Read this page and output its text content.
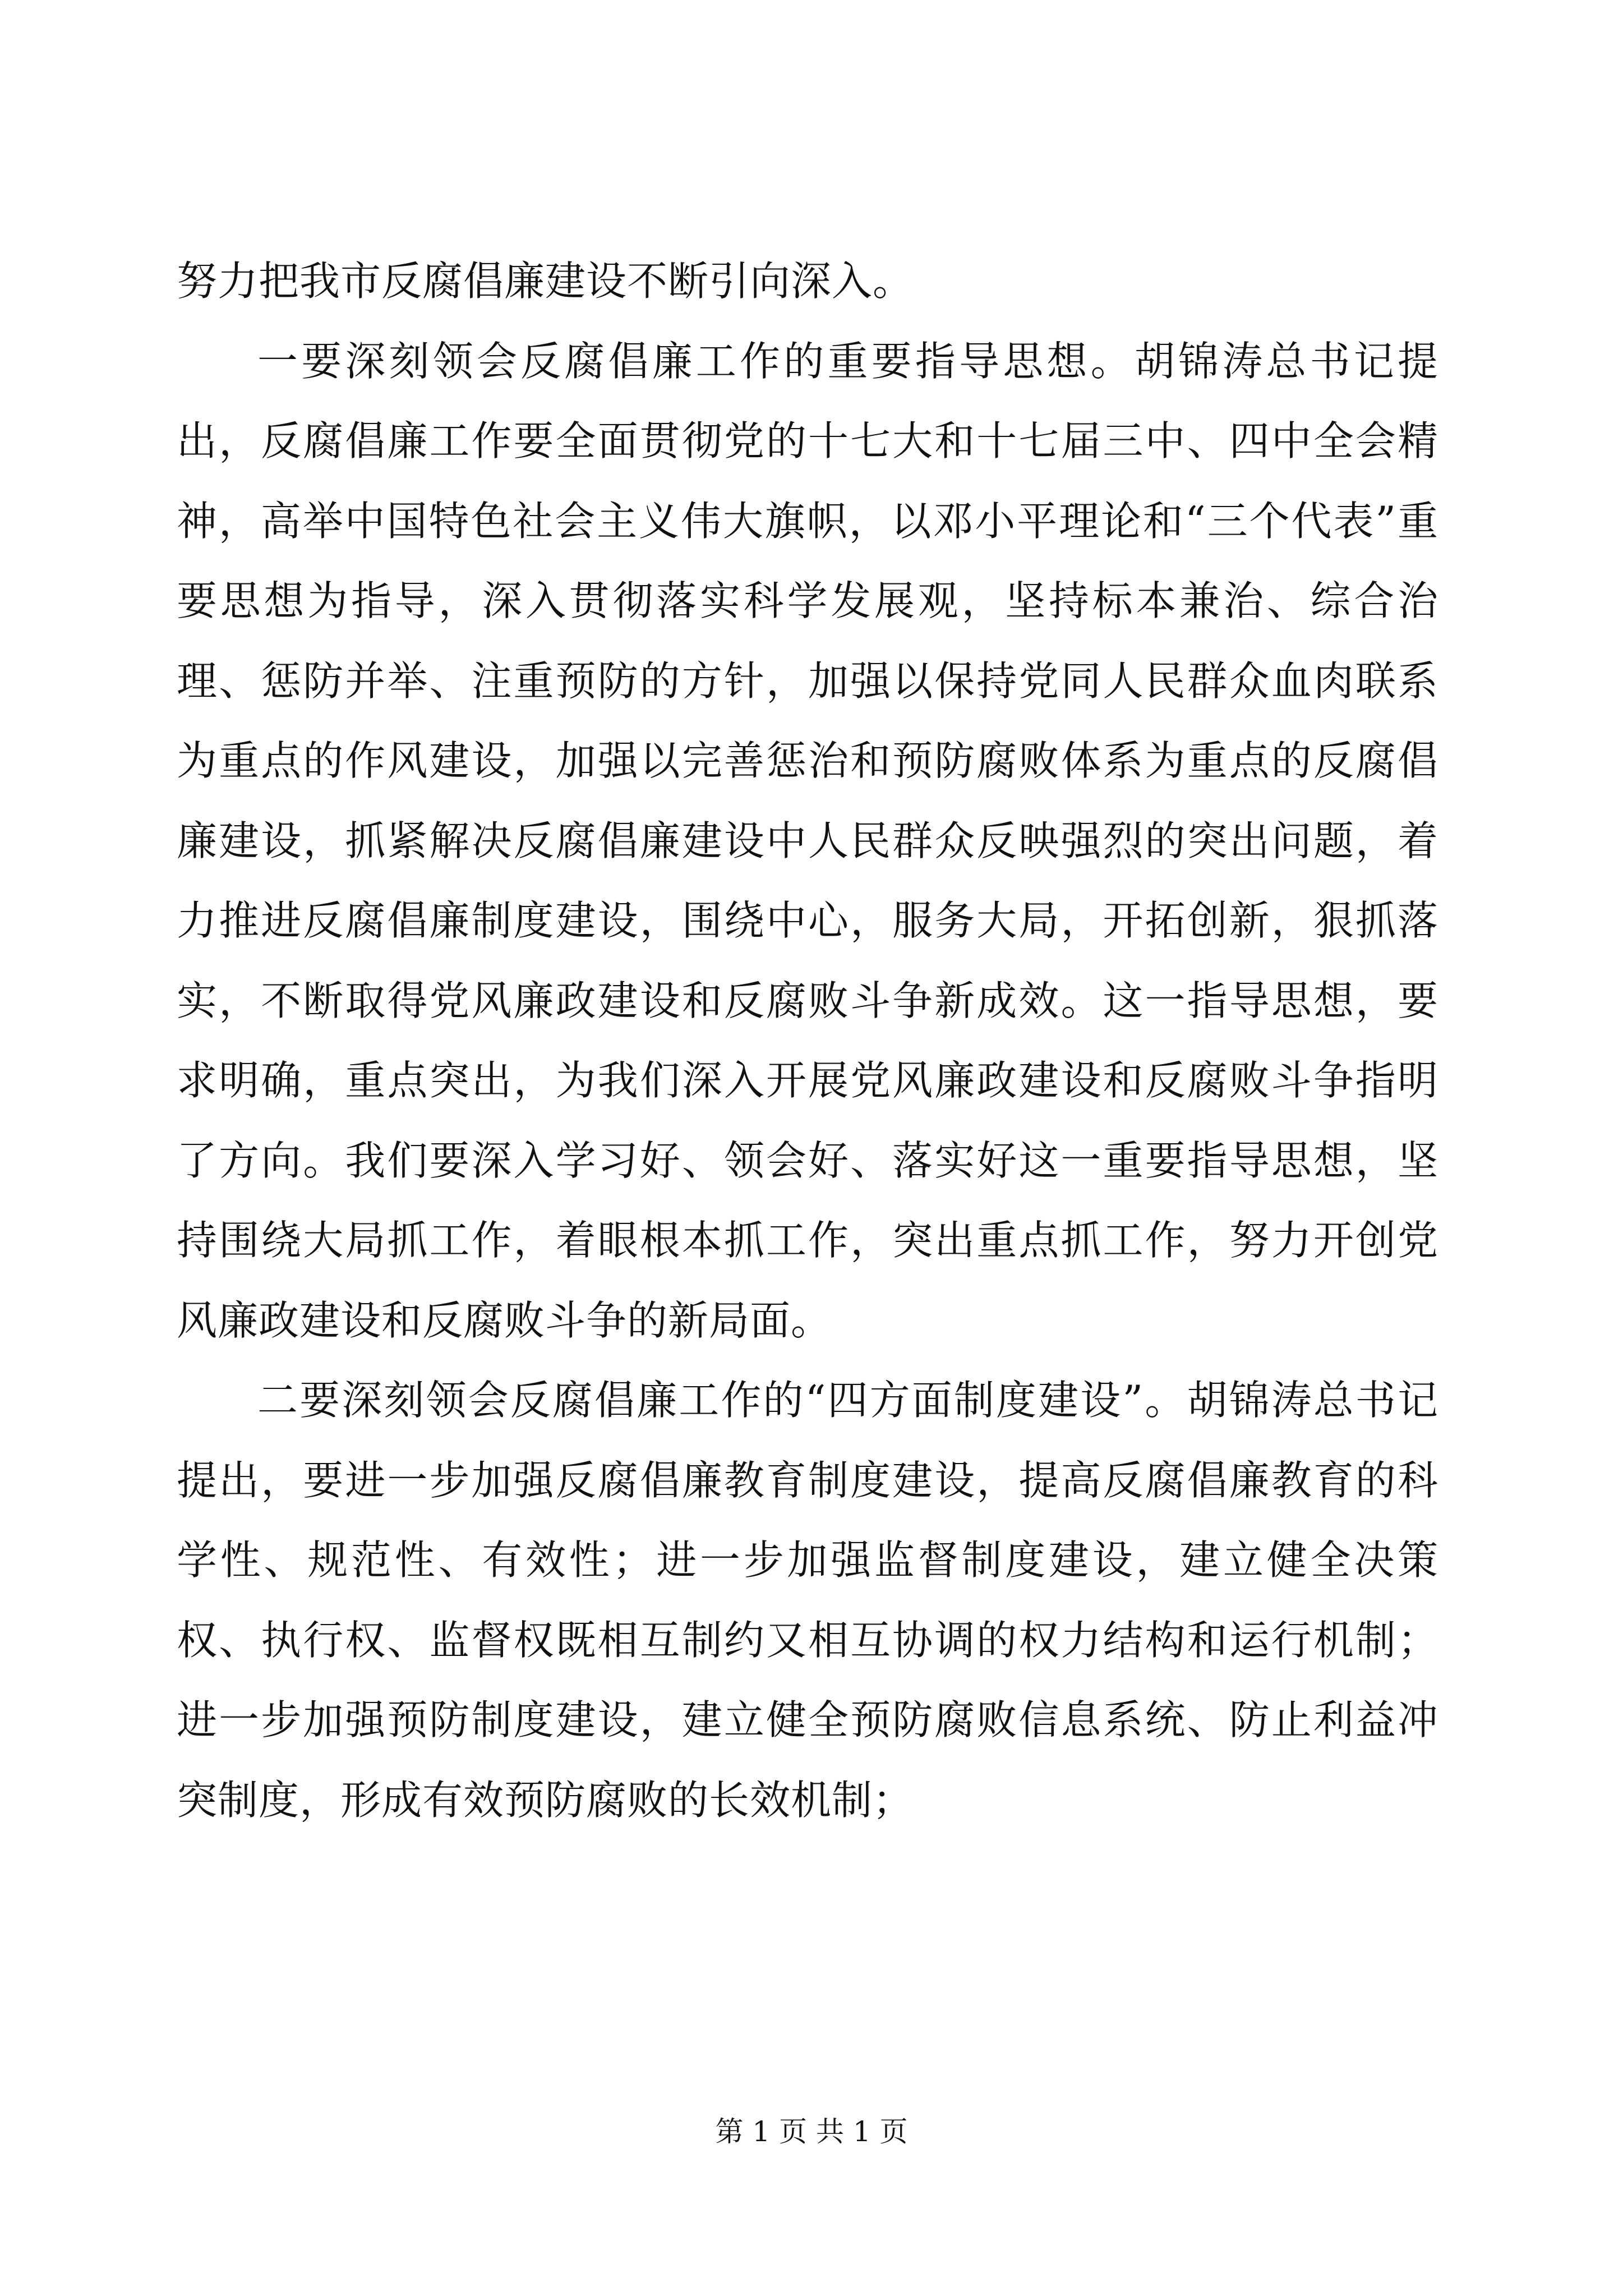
努力把我市反腐倡廉建设不断引向深入。

一要深刻领会反腐倡廉工作的重要指导思想。胡锦涛总书记提出，反腐倡廉工作要全面贯彻党的十七大和十七届三中、四中全会精神，高举中国特色社会主义伟大旗帜，以邓小平理论和“三个代表”重要思想为指导，深入贯彻落实科学发展观，坚持标本兼治、综合治理、惩防并举、注重预防的方针，加强以保持党同人民群众血肉联系为重点的作风建设，加强以完善惩治和预防腐败体系为重点的反腐倡廉建设，抓紧解决反腐倡廉建设中人民群众反映强烈的突出问题，着力推进反腐倡廉制度建设，围绕中心，服务大局，开拓创新，狠抓落实，不断取得党风廉政建设和反腐败斗争新成效。这一指导思想，要求明确，重点突出，为我们深入开展党风廉政建设和反腐败斗争指明了方向。我们要深入学习好、领会好、落实好这一重要指导思想，坚持围绕大局抓工作，着眼根本抓工作，突出重点抓工作，努力开创党风廉政建设和反腐败斗争的新局面。

二要深刻领会反腐倡廉工作的“四方面制度建设”。胡锦涛总书记提出，要进一步加强反腐倡廉教育制度建设，提高反腐倡廉教育的科学性、规范性、有效性；进一步加强监督制度建设，建立健全决策权、执行权、监督权既相互制约又相互协调的权力结构和运行机制；进一步加强预防制度建设，建立健全预防腐败信息系统、防止利益冲突制度，形成有效预防腐败的长效机制；

第 1 页 共 1 页
